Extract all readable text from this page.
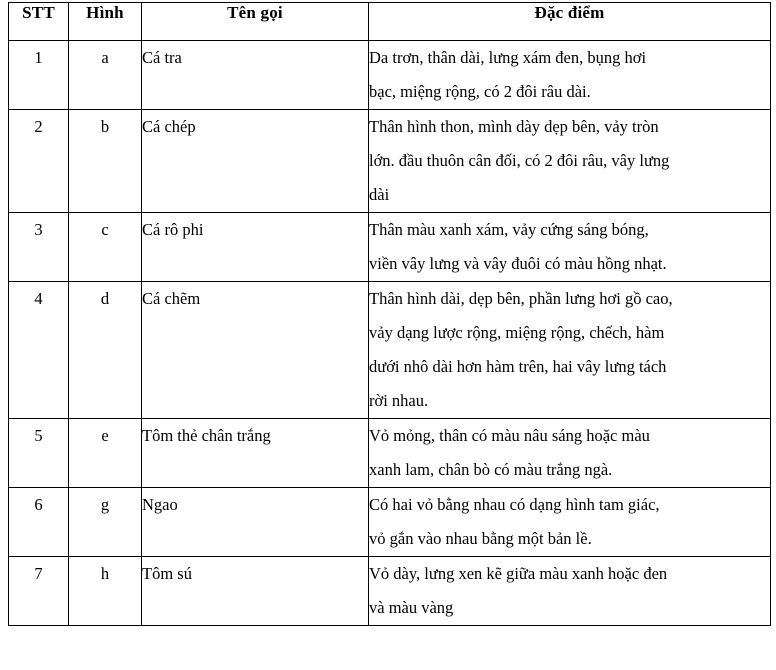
STT	Hình	Tên gọi	Đặc điểm
1	a	Cá tra	Da trơn, thân dài, lưng xám đen, bụng hơi
bạc, miệng rộng, có 2 đôi râu dài.

2	b	Cá chép	Thân hình thon, mình dày dẹp bên, vảy tròn
lớn. đầu thuôn cân đối, có 2 đôi râu, vây lưng
dài

3	c	Cá rô phi	Thân màu xanh xám, vảy cứng sáng bóng,
viền vây lưng và vây đuôi có màu hồng nhạt.

4	d	Cá chẽm	Thân hình dài, dẹp bên, phần lưng hơi gồ cao,
vảy dạng lược rộng, miệng rộng, chếch, hàm
dưới nhô dài hơn hàm trên, hai vây lưng tách
rời nhau.

5	e	Tôm thẻ chân trắng	Vỏ mỏng, thân có màu nâu sáng hoặc màu
xanh lam, chân bò có màu trắng ngà.

6	g	Ngao	Có hai vỏ bằng nhau có dạng hình tam giác,
vỏ gắn vào nhau bằng một bản lề.

7	h	Tôm sú	Vỏ dày, lưng xen kẽ giữa màu xanh hoặc đen
và màu vàng
